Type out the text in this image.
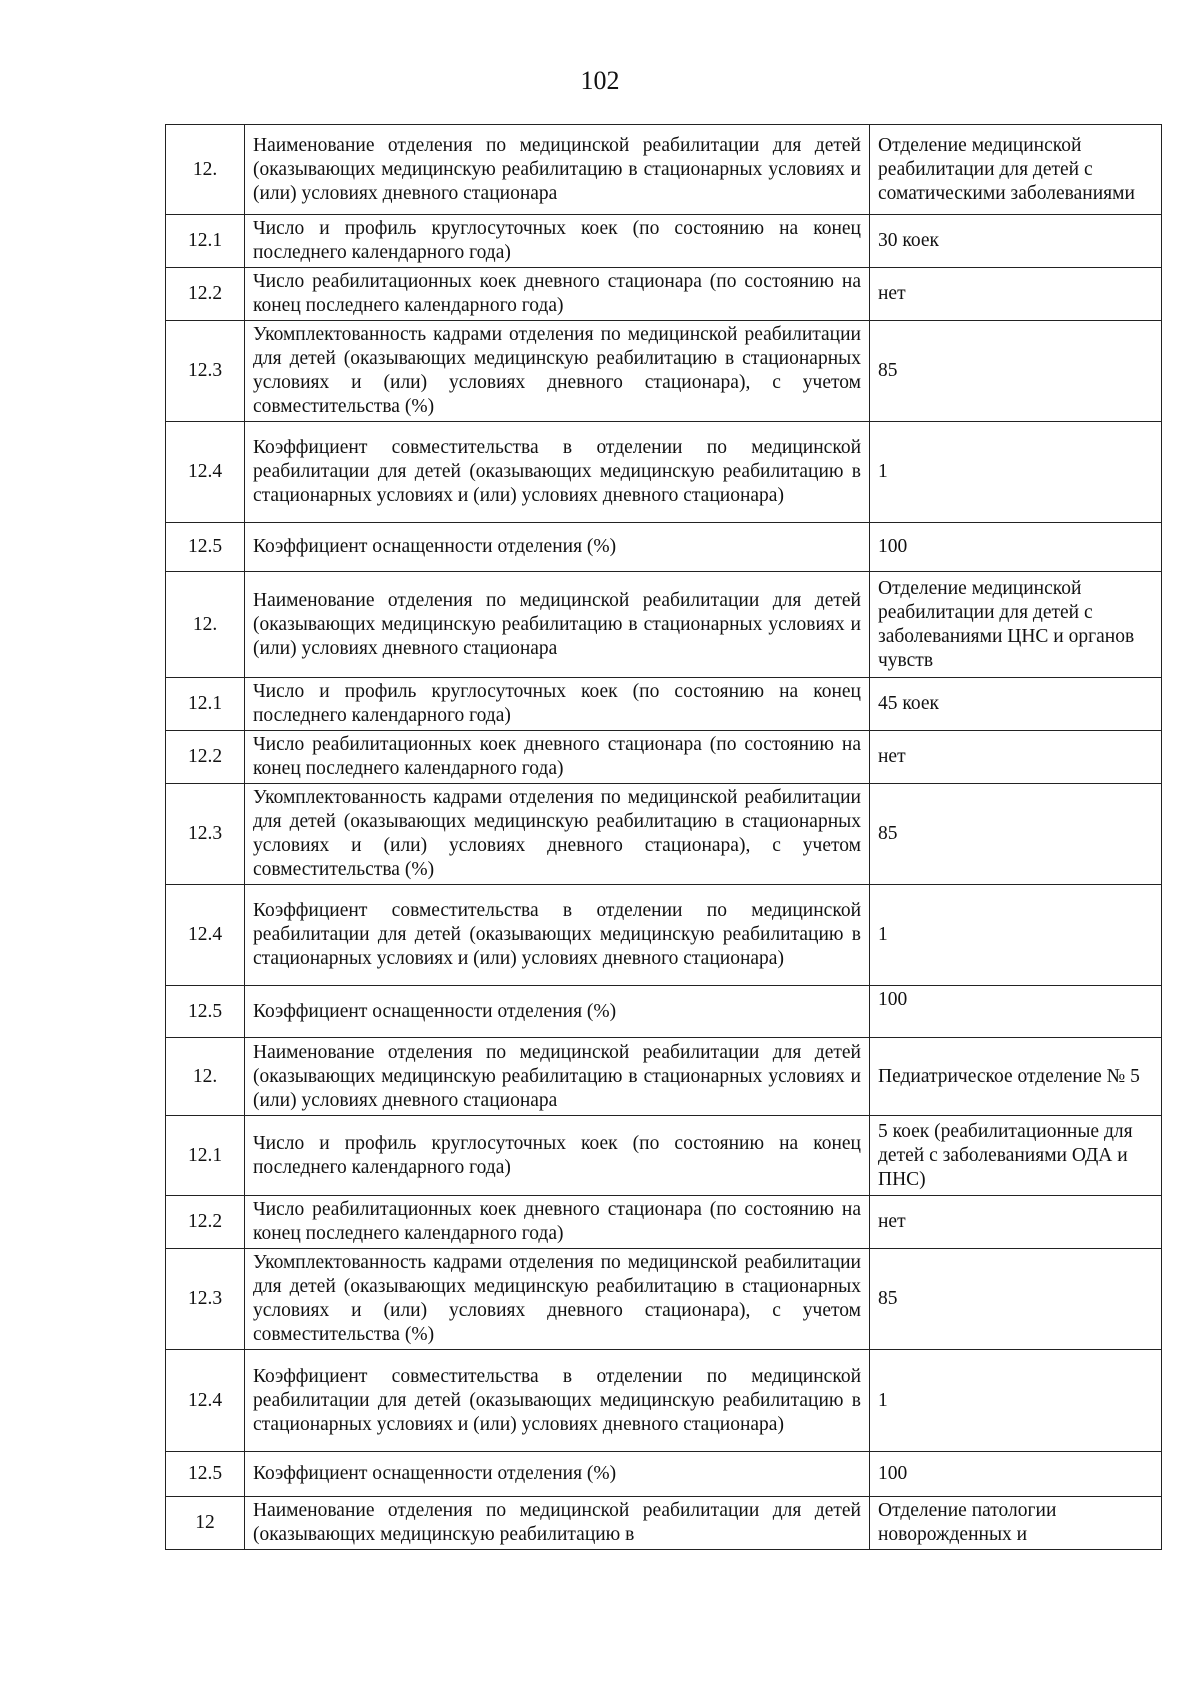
102
12.	Наименование отделения по медицинской реабилитации для детей (оказывающих медицинскую реабилитацию в стационарных условиях и (или) условиях дневного стационара	Отделение медицинской реабилитации для детей с соматическими заболеваниями
12.1	Число и профиль круглосуточных коек (по состоянию на конец последнего календарного года)	30 коек
12.2	Число реабилитационных коек дневного стационара (по состоянию на конец последнего календарного года)	нет
12.3	Укомплектованность кадрами отделения по медицинской реабилитации для детей (оказывающих медицинскую реабилитацию в стационарных условиях и (или) условиях дневного стационара), с учетом совместительства (%)	85
12.4	Коэффициент совместительства в отделении по медицинской реабилитации для детей (оказывающих медицинскую реабилитацию в стационарных условиях и (или) условиях дневного стационара)	1
12.5	Коэффициент оснащенности отделения (%)	100
12.	Наименование отделения по медицинской реабилитации для детей (оказывающих медицинскую реабилитацию в стационарных условиях и (или) условиях дневного стационара	Отделение медицинской реабилитации для детей с заболеваниями ЦНС и органов чувств
12.1	Число и профиль круглосуточных коек (по состоянию на конец последнего календарного года)	45 коек
12.2	Число реабилитационных коек дневного стационара (по состоянию на конец последнего календарного года)	нет
12.3	Укомплектованность кадрами отделения по медицинской реабилитации для детей (оказывающих медицинскую реабилитацию в стационарных условиях и (или) условиях дневного стационара), с учетом совместительства (%)	85
12.4	Коэффициент совместительства в отделении по медицинской реабилитации для детей (оказывающих медицинскую реабилитацию в стационарных условиях и (или) условиях дневного стационара)	1
12.5	Коэффициент оснащенности отделения (%)	100
12.	Наименование отделения по медицинской реабилитации для детей (оказывающих медицинскую реабилитацию в стационарных условиях и (или) условиях дневного стационара	Педиатрическое отделение № 5
12.1	Число и профиль круглосуточных коек (по состоянию на конец последнего календарного года)	5 коек (реабилитационные для детей с заболеваниями ОДА и ПНС)
12.2	Число реабилитационных коек дневного стационара (по состоянию на конец последнего календарного года)	нет
12.3	Укомплектованность кадрами отделения по медицинской реабилитации для детей (оказывающих медицинскую реабилитацию в стационарных условиях и (или) условиях дневного стационара), с учетом совместительства (%)	85
12.4	Коэффициент совместительства в отделении по медицинской реабилитации для детей (оказывающих медицинскую реабилитацию в стационарных условиях и (или) условиях дневного стационара)	1
12.5	Коэффициент оснащенности отделения (%)	100
12	Наименование отделения по медицинской реабилитации для детей (оказывающих медицинскую реабилитацию в	Отделение патологии новорожденных и
